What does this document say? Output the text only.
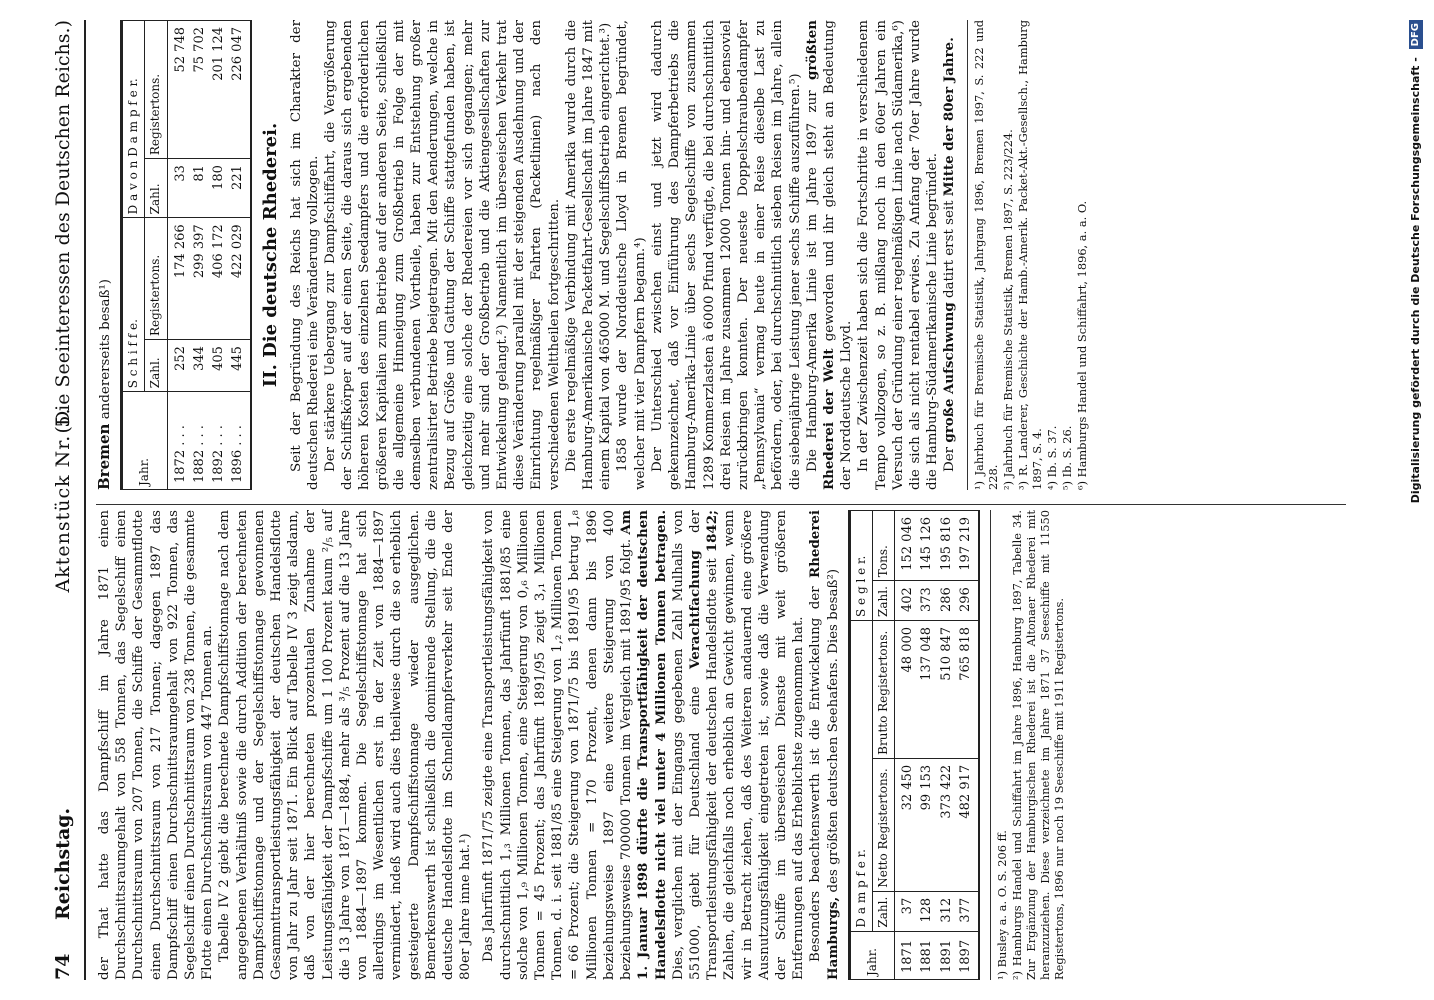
74
Reichstag.
Aktenstück Nr. 5.
(Die Seeinteressen des Deutschen Reichs.)

der That hatte das Dampfschiff im Jahre 1871 einen Durchschnittsraumgehalt von 558 Tonnen, das Segelschiff einen Durchschnittsraum von 207 Tonnen, die Schiffe der Gesammtflotte einen Durchschnittsraum von 217 Tonnen; dagegen 1897 das Dampfschiff einen Durchschnittsraumgehalt von 922 Tonnen, das Segelschiff einen Durchschnittsraum von 238 Tonnen, die gesammte Flotte einen Durchschnittsraum von 447 Tonnen an. Tabelle IV 2 giebt die berechnete Dampfschiffstonnage nach dem angegebenen Verhältniß sowie die durch Addition der berechneten Dampfschiffstonnage und der Segelschiffstonnage gewonnenen Gesammttransportleistungsfähigkeit der deutschen Handelsflotte von Jahr zu Jahr seit 1871. Ein Blick auf Tabelle IV 3 zeigt alsdann, daß von der hier berechneten prozentualen Zunahme der Leistungsfähigkeit der Dampfschiffe um 1 100 Prozent kaum ²/₅ auf die 13 Jahre von 1871—1884, mehr als ³/₅ Prozent auf die 13 Jahre von 1884—1897 kommen. Die Segelschiffstonnage hat sich allerdings im Wesentlichen erst in der Zeit von 1884—1897 vermindert, indeß wird auch dies theilweise durch die so erheblich gesteigerte Dampfschiffstonnage wieder ausgeglichen. Bemerkenswerth ist schließlich die dominirende Stellung, die die deutsche Handelsflotte im Schnelldampferverkehr seit Ende der 80er Jahre inne hat.¹) Das Jahrfünft 1871/75 zeigte eine Transportleistungsfähigkeit von durchschnittlich 1,₃ Millionen Tonnen, das Jahrfünft 1881/85 eine solche von 1,₉ Millionen Tonnen, eine Steigerung von 0,₆ Millionen Tonnen = 45 Prozent; das Jahrfünft 1891/95 zeigt 3,₁ Millionen Tonnen, d. i. seit 1881/85 eine Steigerung von 1,₂ Millionen Tonnen = 66 Prozent; die Steigerung von 1871/75 bis 1891/95 betrug 1,₈ Millionen Tonnen = 170 Prozent, denen dann bis 1896 beziehungsweise 1897 eine weitere Steigerung von 400 beziehungsweise 700000 Tonnen im Vergleich mit 1891/95 folgt. Am 1. Januar 1898 dürfte die Transportfähigkeit der deutschen Handelsflotte nicht viel unter 4 Millionen Tonnen betragen. Dies, verglichen mit der Eingangs gegebenen Zahl Mulhalls von 551000, giebt für Deutschland eine Verachtfachung der Transportleistungsfähigkeit der deutschen Handelsflotte seit 1842; Zahlen, die gleichfalls noch erheblich an Gewicht gewinnen, wenn wir in Betracht ziehen, daß des Weiteren andauernd eine größere Ausnutzungsfähigkeit eingetreten ist, sowie daß die Verwendung der Schiffe im überseeischen Dienste mit weit größeren Entfernungen auf das Erheblichste zugenommen hat. Besonders beachtenswerth ist die Entwickelung der Rhederei Hamburgs, des größten deutschen Seehafens. Dies besaß²)

Jahr.	D a m p f e r.			S e g l e r.	
	Zahl.	Netto Registertons.	Brutto Registertons.	Zahl.	Tons.
1871	37	32 450	48 000	402	152 046
1881	128	99 153	137 048	373	145 126
1891	312	373 422	510 847	286	195 816
1897	377	482 917	765 818	296	197 219
¹) Busley a. a. O. S. 206 ff. ²) Hamburgs Handel und Schiffahrt im Jahre 1896, Hamburg 1897, Tabelle 34. Zur Ergänzung der Hamburgischen Rhederei ist die Altonaer Rhederei mit heranzuziehen. Diese verzeichnete im Jahre 1871 37 Seeschiffe mit 11550 Registertons, 1896 nur noch 19 Seeschiffe mit 1911 Registertons.

Bremen andererseits besaß¹)

Jahr.	S c h i f f e.		D a v o n D a m p f e r.	
	Zahl.	Registertons.	Zahl.	Registertons.
1872 . . .	252	174 266	33	52 748
1882 . . .	344	299 397	81	75 702
1892 . . .	405	406 172	180	201 124
1896 . . .	445	422 029	221	226 047
II. Die deutsche Rhederei. Seit der Begründung des Reichs hat sich im Charakter der deutschen Rhederei eine Veränderung vollzogen. Der stärkere Uebergang zur Dampfschiffahrt, die Vergrößerung der Schiffskörper auf der einen Seite, die daraus sich ergebenden höheren Kosten des einzelnen Seedampfers und die erforderlichen größeren Kapitalien zum Betriebe auf der anderen Seite, schließlich die allgemeine Hinneigung zum Großbetrieb in Folge der mit demselben verbundenen Vortheile, haben zur Entstehung großer zentralisirter Betriebe beigetragen. Mit den Aenderungen, welche in Bezug auf Größe und Gattung der Schiffe stattgefunden haben, ist gleichzeitig eine solche der Rhedereien vor sich gegangen; mehr und mehr sind der Großbetrieb und die Aktiengesellschaften zur Entwickelung gelangt.²) Namentlich im überseeischen Verkehr trat diese Veränderung parallel mit der steigenden Ausdehnung und der Einrichtung regelmäßiger Fahrten (Packetlinien) nach den verschiedenen Welttheilen fortgeschritten. Die erste regelmäßige Verbindung mit Amerika wurde durch die Hamburg-Amerikanische Packetfahrt-Gesellschaft im Jahre 1847 mit einem Kapital von 465000 M. und Segelschiffsbetrieb eingerichtet.³) 1858 wurde der Norddeutsche Lloyd in Bremen begründet, welcher mit vier Dampfern begann.⁴) Der Unterschied zwischen einst und jetzt wird dadurch gekennzeichnet, daß vor Einführung des Dampferbetriebs die Hamburg-Amerika-Linie über sechs Segelschiffe von zusammen 1289 Kommerzlasten à 6000 Pfund verfügte, die bei durchschnittlich drei Reisen im Jahre zusammen 12000 Tonnen hin- und ebensoviel zurückbringen konnten. Der neueste Doppelschraubendampfer „Pennsylvania“ vermag heute in einer Reise dieselbe Last zu befördern, oder, bei durchschnittlich sieben Reisen im Jahre, allein die siebenjährige Leistung jener sechs Schiffe auszuführen.⁵) Die Hamburg-Amerika Linie ist im Jahre 1897 zur größten Rhederei der Welt geworden und ihr gleich steht an Bedeutung der Norddeutsche Lloyd. In der Zwischenzeit haben sich die Fortschritte in verschiedenem Tempo vollzogen, so z. B. mißlang noch in den 60er Jahren ein Versuch der Gründung einer regelmäßigen Linie nach Südamerika,⁶) die sich als nicht rentabel erwies. Zu Anfang der 70er Jahre wurde die Hamburg-Südamerikanische Linie begründet. Der große Aufschwung datirt erst seit Mitte der 80er Jahre. ¹) Jahrbuch für Bremische Statistik, Jahrgang 1896, Bremen 1897, S. 222 und 228. ²) Jahrbuch für Bremische Statistik, Bremen 1897, S. 223/224. ³) R. Landerer, Geschichte der Hamb.-Amerik. Packet-Akt.-Gesellsch., Hamburg 1897, S. 4. ⁴) Ib. S. 37. ⁵) Ib. S. 26. ⁶) Hamburgs Handel und Schiffahrt, 1896, a. a. O.	Digitalisierung gefördert durch die Deutsche Forschungsgemeinschaft - DFG
